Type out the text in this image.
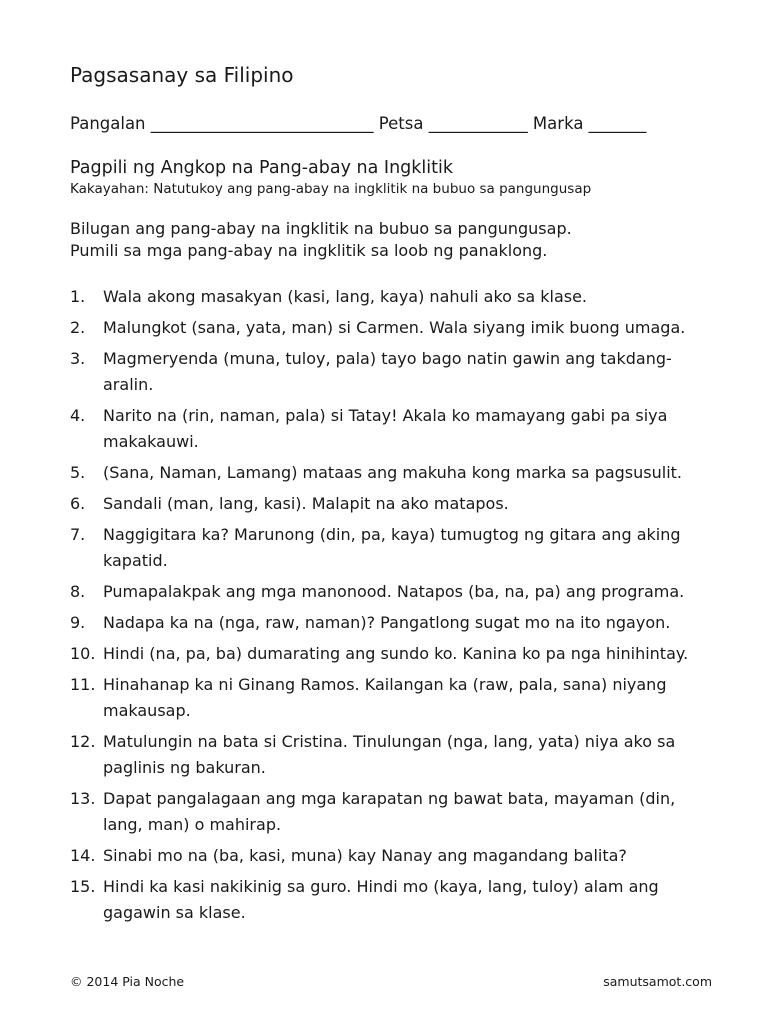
Pagsasanay sa Filipino
Pangalan ___________________________ Petsa ____________ Marka _______
Pagpili ng Angkop na Pang-abay na Ingklitik
Kakayahan: Natutukoy ang pang-abay na ingklitik na bubuo sa pangungusap
Bilugan ang pang-abay na ingklitik na bubuo sa pangungusap.
Pumili sa mga pang-abay na ingklitik sa loob ng panaklong.
1.	Wala akong masakyan (kasi, lang, kaya) nahuli ako sa klase.
2.	Malungkot (sana, yata, man) si Carmen. Wala siyang imik buong umaga.
3.	Magmeryenda (muna, tuloy, pala) tayo bago natin gawin ang takdang-aralin.
4.	Narito na (rin, naman, pala) si Tatay! Akala ko mamayang gabi pa siya makakauwi.
5.	(Sana, Naman, Lamang) mataas ang makuha kong marka sa pagsusulit.
6.	Sandali (man, lang, kasi). Malapit na ako matapos.
7.	Naggigitara ka? Marunong (din, pa, kaya) tumugtog ng gitara ang aking kapatid.
8.	Pumapalakpak ang mga manonood. Natapos (ba, na, pa) ang programa.
9.	Nadapa ka na (nga, raw, naman)? Pangatlong sugat mo na ito ngayon.
10. Hindi (na, pa, ba) dumarating ang sundo ko. Kanina ko pa nga hinihintay.
11. Hinahanap ka ni Ginang Ramos. Kailangan ka (raw, pala, sana) niyang makausap.
12. Matulungin na bata si Cristina. Tinulungan (nga, lang, yata) niya ako sa paglinis ng bakuran.
13. Dapat pangalagaan ang mga karapatan ng bawat bata, mayaman (din, lang, man) o mahirap.
14. Sinabi mo na (ba, kasi, muna) kay Nanay ang magandang balita?
15. Hindi ka kasi nakikinig sa guro. Hindi mo (kaya, lang, tuloy) alam ang gagawin sa klase.
© 2014 Pia Noche	samutsamot.com
